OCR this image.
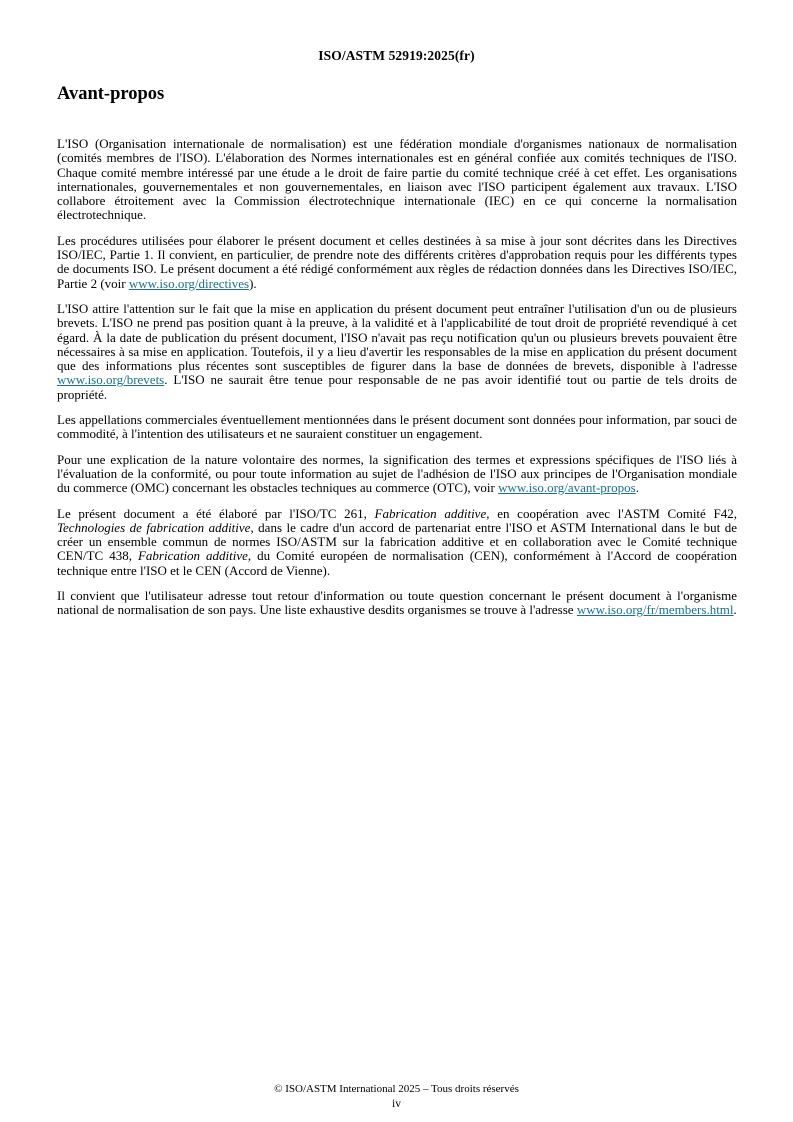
ISO/ASTM 52919:2025(fr)
Avant-propos

L'ISO (Organisation internationale de normalisation) est une fédération mondiale d'organismes nationaux de normalisation (comités membres de l'ISO). L'élaboration des Normes internationales est en général confiée aux comités techniques de l'ISO. Chaque comité membre intéressé par une étude a le droit de faire partie du comité technique créé à cet effet. Les organisations internationales, gouvernementales et non gouvernementales, en liaison avec l'ISO participent également aux travaux. L'ISO collabore étroitement avec la Commission électrotechnique internationale (IEC) en ce qui concerne la normalisation électrotechnique.

Les procédures utilisées pour élaborer le présent document et celles destinées à sa mise à jour sont décrites dans les Directives ISO/IEC, Partie 1. Il convient, en particulier, de prendre note des différents critères d'approbation requis pour les différents types de documents ISO. Le présent document a été rédigé conformément aux règles de rédaction données dans les Directives ISO/IEC, Partie 2 (voir www.iso.org/directives).

L'ISO attire l'attention sur le fait que la mise en application du présent document peut entraîner l'utilisation d'un ou de plusieurs brevets. L'ISO ne prend pas position quant à la preuve, à la validité et à l'applicabilité de tout droit de propriété revendiqué à cet égard. À la date de publication du présent document, l'ISO n'avait pas reçu notification qu'un ou plusieurs brevets pouvaient être nécessaires à sa mise en application. Toutefois, il y a lieu d'avertir les responsables de la mise en application du présent document que des informations plus récentes sont susceptibles de figurer dans la base de données de brevets, disponible à l'adresse www.iso.org/brevets. L'ISO ne saurait être tenue pour responsable de ne pas avoir identifié tout ou partie de tels droits de propriété.

Les appellations commerciales éventuellement mentionnées dans le présent document sont données pour information, par souci de commodité, à l'intention des utilisateurs et ne sauraient constituer un engagement.

Pour une explication de la nature volontaire des normes, la signification des termes et expressions spécifiques de l'ISO liés à l'évaluation de la conformité, ou pour toute information au sujet de l'adhésion de l'ISO aux principes de l'Organisation mondiale du commerce (OMC) concernant les obstacles techniques au commerce (OTC), voir www.iso.org/avant-propos.

Le présent document a été élaboré par l'ISO/TC 261, Fabrication additive, en coopération avec l'ASTM Comité F42, Technologies de fabrication additive, dans le cadre d'un accord de partenariat entre l'ISO et ASTM International dans le but de créer un ensemble commun de normes ISO/ASTM sur la fabrication additive et en collaboration avec le Comité technique CEN/TC 438, Fabrication additive, du Comité européen de normalisation (CEN), conformément à l'Accord de coopération technique entre l'ISO et le CEN (Accord de Vienne).

Il convient que l'utilisateur adresse tout retour d'information ou toute question concernant le présent document à l'organisme national de normalisation de son pays. Une liste exhaustive desdits organismes se trouve à l'adresse www.iso.org/fr/members.html.

© ISO/ASTM International 2025 – Tous droits réservés
iv
